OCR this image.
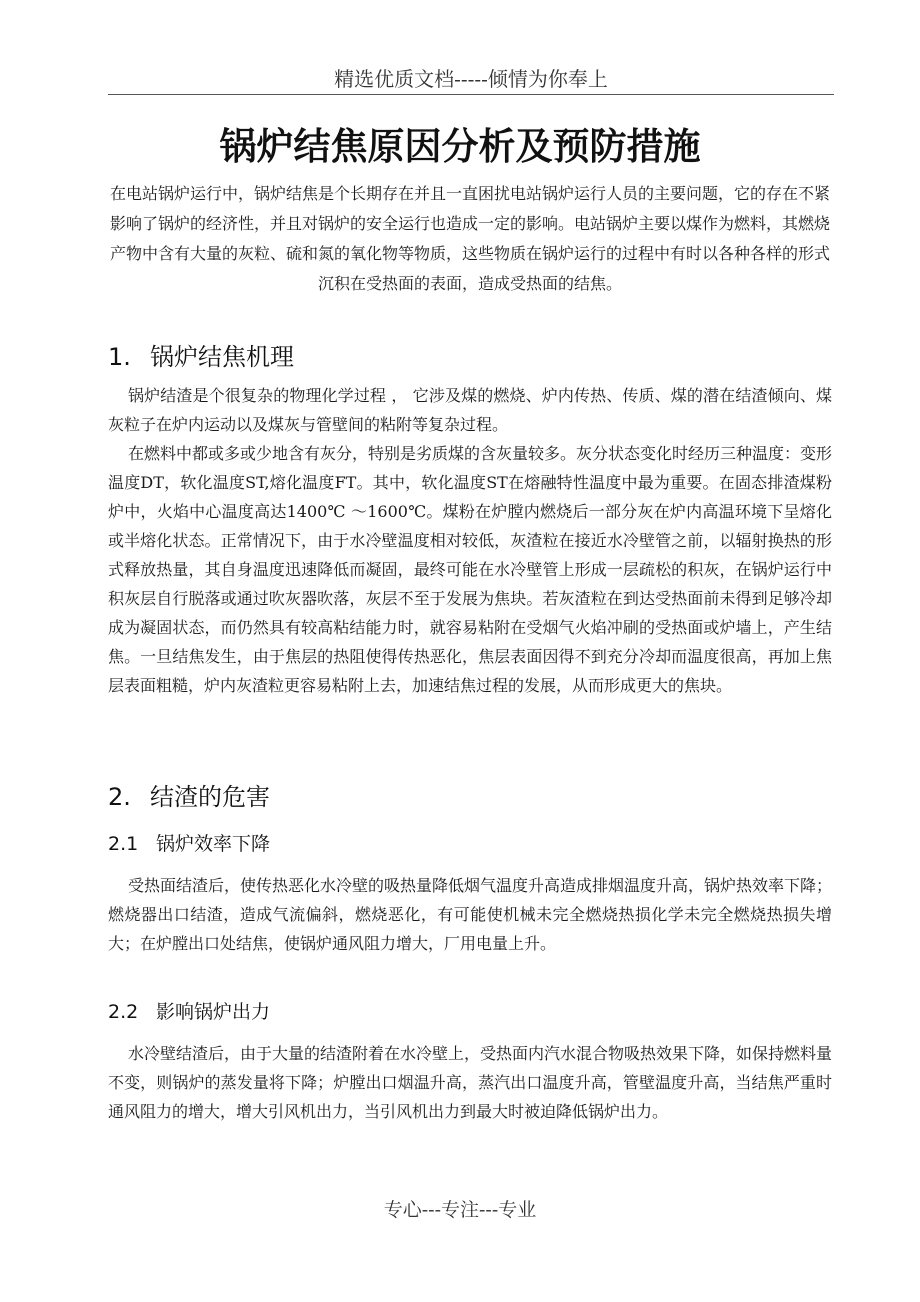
精选优质文档-----倾情为你奉上
锅炉结焦原因分析及预防措施

在电站锅炉运行中，锅炉结焦是个长期存在并且一直困扰电站锅炉运行人员的主要问题，它的存在不紧影响了锅炉的经济性，并且对锅炉的安全运行也造成一定的影响。电站锅炉主要以煤作为燃料，其燃烧产物中含有大量的灰粒、硫和氮的氧化物等物质，这些物质在锅炉运行的过程中有时以各种各样的形式沉积在受热面的表面，造成受热面的结焦。

1. 锅炉结焦机理

锅炉结渣是个很复杂的物理化学过程 ， 它涉及煤的燃烧、炉内传热、传质、煤的潜在结渣倾向、煤灰粒子在炉内运动以及煤灰与管壁间的粘附等复杂过程。

在燃料中都或多或少地含有灰分，特别是劣质煤的含灰量较多。灰分状态变化时经历三种温度：变形温度DT，软化温度ST,熔化温度FT。其中，软化温度ST在熔融特性温度中最为重要。在固态排渣煤粉炉中，火焰中心温度高达1400℃ ～1600℃。煤粉在炉膛内燃烧后一部分灰在炉内高温环境下呈熔化或半熔化状态。正常情况下，由于水冷壁温度相对较低，灰渣粒在接近水冷壁管之前，以辐射换热的形式释放热量，其自身温度迅速降低而凝固，最终可能在水冷壁管上形成一层疏松的积灰，在锅炉运行中积灰层自行脱落或通过吹灰器吹落，灰层不至于发展为焦块。若灰渣粒在到达受热面前未得到足够冷却成为凝固状态，而仍然具有较高粘结能力时，就容易粘附在受烟气火焰冲刷的受热面或炉墙上，产生结焦。一旦结焦发生，由于焦层的热阻使得传热恶化，焦层表面因得不到充分冷却而温度很高，再加上焦层表面粗糙，炉内灰渣粒更容易粘附上去，加速结焦过程的发展，从而形成更大的焦块。

2. 结渣的危害
2.1 锅炉效率下降

受热面结渣后，使传热恶化水冷壁的吸热量降低烟气温度升高造成排烟温度升高，锅炉热效率下降；燃烧器出口结渣，造成气流偏斜，燃烧恶化，有可能使机械未完全燃烧热损化学未完全燃烧热损失增大；在炉膛出口处结焦，使锅炉通风阻力增大，厂用电量上升。

2.2 影响锅炉出力

水冷壁结渣后，由于大量的结渣附着在水冷壁上，受热面内汽水混合物吸热效果下降，如保持燃料量不变，则锅炉的蒸发量将下降；炉膛出口烟温升高，蒸汽出口温度升高，管壁温度升高，当结焦严重时通风阻力的增大，增大引风机出力，当引风机出力到最大时被迫降低锅炉出力。

专心---专注---专业
